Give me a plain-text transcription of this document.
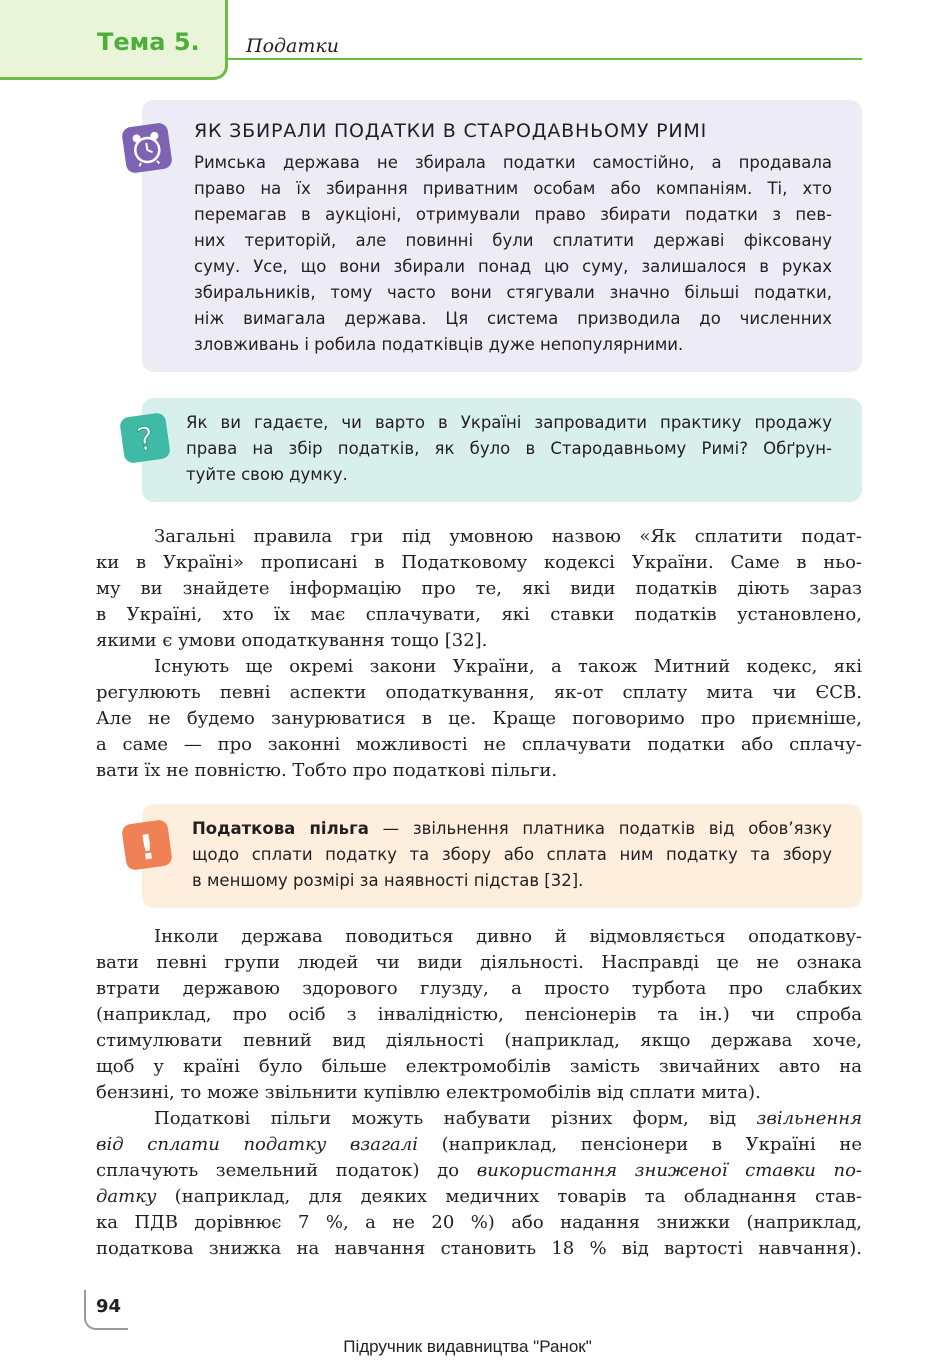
Тема 5. Податки
ЯК ЗБИРАЛИ ПОДАТКИ В СТАРОДАВНЬОМУ РИМІ
Римська держава не збирала податки самостійно, а продавала
право на їх збирання приватним особам або компаніям. Ті, хто
перемагав в аукціоні, отримували право збирати податки з пев-
них територій, але повинні були сплатити державі фіксовану
суму. Усе, що вони збирали понад цю суму, залишалося в руках
збиральників, тому часто вони стягували значно більші податки,
ніж вимагала держава. Ця система призводила до численних
зловживань і робила податківців дуже непопулярними.
Як ви гадаєте, чи варто в Україні запровадити практику продажу
права на збір податків, як було в Стародавньому Римі? Обґрун-
туйте свою думку.
?
Загальні правила гри під умовною назвою «Як сплатити подат-
ки в Україні» прописані в Податковому кодексі України. Саме в ньо-
му ви знайдете інформацію про те, які види податків діють зараз
в Україні, хто їх має сплачувати, які ставки податків установлено,
якими є умови оподаткування тощо [32].
Існують ще окремі закони України, а також Митний кодекс, які
регулюють певні аспекти оподаткування, як-от сплату мита чи ЄСВ.
Але не будемо занурюватися в це. Краще поговоримо про приємніше,
а саме — про законні можливості не сплачувати податки або сплачу-
вати їх не повністю. Тобто про податкові пільги.
Податкова пільга — звільнення платника податків від обов’язку
щодо сплати податку та збору або сплата ним податку та збору
в меншому розмірі за наявності підстав [32].
!
Інколи держава поводиться дивно й відмовляється оподатковy-
вати певні групи людей чи види діяльності. Насправді це не ознака
втрати державою здорового глузду, а просто турбота про слабких
(наприклад, про осіб з інвалідністю, пенсіонерів та ін.) чи спроба
стимулювати певний вид діяльності (наприклад, якщо держава хоче,
щоб у країні було більше електромобілів замість звичайних авто на
бензині, то може звільнити купівлю електромобілів від сплати мита).
Податкові пільги можуть набувати різних форм, від звільнення
від сплати податку взагалі (наприклад, пенсіонери в Україні не
сплачують земельний податок) до використання зниженої ставки по-
датку (наприклад, для деяких медичних товарів та обладнання став-
ка ПДВ дорівнює 7 %, а не 20 %) або надання знижки (наприклад,
податкова знижка на навчання становить 18 % від вартості навчання).
94
Підручник видавництва "Ранок"
